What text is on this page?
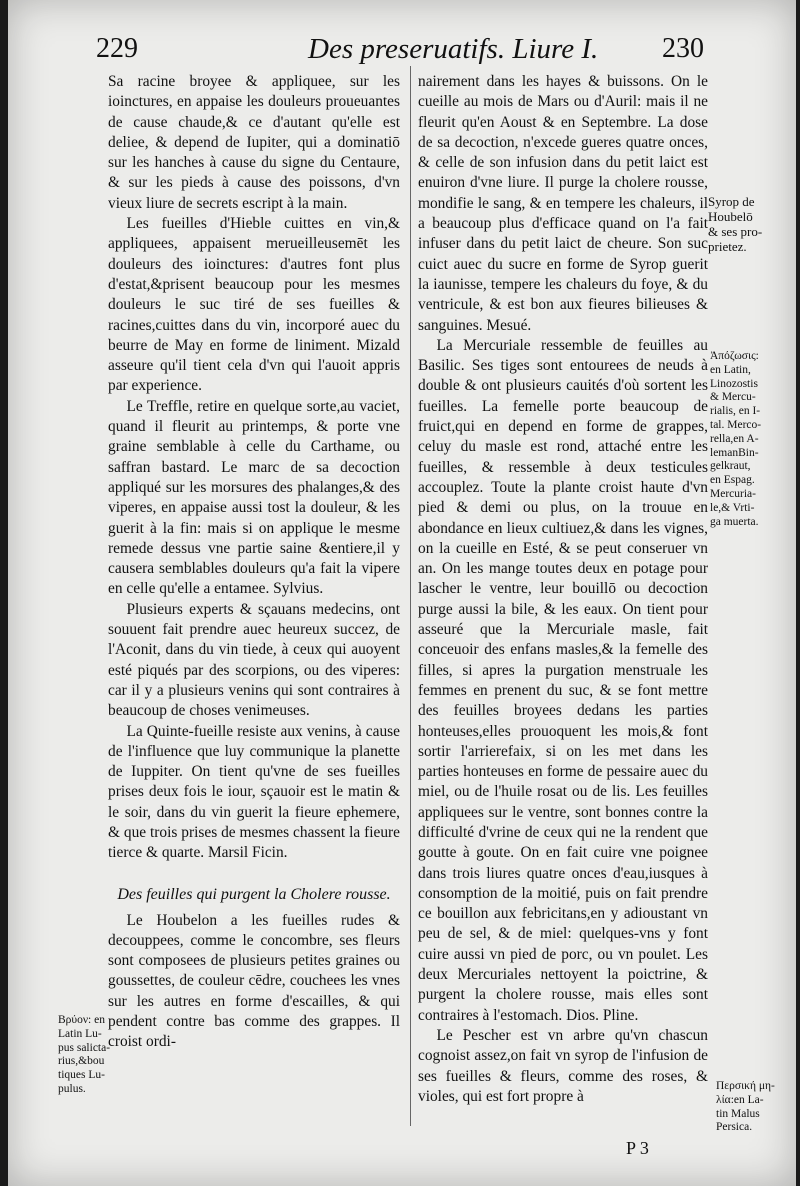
229	Des preseruatifs. Liure I. 230

Sa racine broyee & appliquee, sur les ioinctures, en appaise les douleurs proueuantes de cause chaude,& ce d'autant qu'elle est deliee, & depend de Iupiter, qui a dominatiō sur les hanches à cause du signe du Centaure, & sur les pieds à cause des poissons, d'vn vieux liure de secrets escript à la main.

Les fueilles d'Hieble cuittes en vin,& appliquees, appaisent merueilleusemēt les douleurs des ioinctures: d'autres font plus d'estat,&prisent beaucoup pour les mesmes douleurs le suc tiré de ses fueilles & racines,cuittes dans du vin, incorporé auec du beurre de May en forme de liniment. Mizald asseure qu'il tient cela d'vn qui l'auoit appris par experience.

Le Treffle, retire en quelque sorte,au vaciet, quand il fleurit au printemps, & porte vne graine semblable à celle du Carthame, ou saffran bastard. Le marc de sa decoction appliqué sur les morsures des phalanges,& des viperes, en appaise aussi tost la douleur, & les guerit à la fin: mais si on applique le mesme remede dessus vne partie saine &entiere,il y causera semblables douleurs qu'a fait la vipere en celle qu'elle a entamee. Sylvius.

Plusieurs experts & sçauans medecins, ont souuent fait prendre auec heureux succez, de l'Aconit, dans du vin tiede, à ceux qui auoyent esté piqués par des scorpions, ou des viperes: car il y a plusieurs venins qui sont contraires à beaucoup de choses venimeuses.

La Quinte-fueille resiste aux venins, à cause de l'influence que luy communique la planette de Iuppiter. On tient qu'vne de ses fueilles prises deux fois le iour, sçauoir est le matin & le soir, dans du vin guerit la fieure ephemere, & que trois prises de mesmes chassent la fieure tierce & quarte. Marsil Ficin.

Des feuilles qui purgent la Cholere rousse.

Le Houbelon a les fueilles rudes & decouppees, comme le concombre, ses fleurs sont composees de plusieurs petites graines ou goussettes, de couleur cēdre, couchees les vnes sur les autres en forme d'escailles, & qui pendent contre bas comme des grappes. Il croist ordi-

nairement dans les hayes & buissons. On le cueille au mois de Mars ou d'Auril: mais il ne fleurit qu'en Aoust & en Septembre. La dose de sa decoction, n'excede gueres quatre onces, & celle de son infusion dans du petit laict est enuiron d'vne liure. Il purge la cholere rousse, mondifie le sang, & en tempere les chaleurs, il a beaucoup plus d'efficace quand on l'a fait infuser dans du petit laict de cheure. Son suc cuict auec du sucre en forme de Syrop guerit la iaunisse, tempere les chaleurs du foye, & du ventricule, & est bon aux fieures bilieuses & sanguines. Mesué.

La Mercuriale ressemble de feuilles au Basilic. Ses tiges sont entourees de neuds à double & ont plusieurs cauités d'où sortent les fueilles. La femelle porte beaucoup de fruict,qui en depend en forme de grappes, celuy du masle est rond, attaché entre les fueilles, & ressemble à deux testicules accouplez. Toute la plante croist haute d'vn pied & demi ou plus, on la trouue en abondance en lieux cultiuez,& dans les vignes, on la cueille en Esté, & se peut conseruer vn an. On les mange toutes deux en potage pour lascher le ventre, leur bouillō ou decoction purge aussi la bile, & les eaux. On tient pour asseuré que la Mercuriale masle, fait conceuoir des enfans masles,& la femelle des filles, si apres la purgation menstruale les femmes en prenent du suc, & se font mettre des feuilles broyees dedans les parties honteuses,elles prouoquent les mois,& font sortir l'arrierefaix, si on les met dans les parties honteuses en forme de pessaire auec du miel, ou de l'huile rosat ou de lis. Les feuilles appliquees sur le ventre, sont bonnes contre la difficulté d'vrine de ceux qui ne la rendent que goutte à goute. On en fait cuire vne poignee dans trois liures quatre onces d'eau,iusques à consomption de la moitié, puis on fait prendre ce bouillon aux febricitans,en y adioustant vn peu de sel, & de miel: quelques-vns y font cuire aussi vn pied de porc, ou vn poulet. Les deux Mercuriales nettoyent la poictrine, & purgent la cholere rousse, mais elles sont contraires à l'estomach. Dios. Pline.

Le Pescher est vn arbre qu'vn chascun cognoist assez,on fait vn syrop de l'infusion de ses fueilles & fleurs, comme des roses, & violes, qui est fort propre à

Syrop de
Houbelō
& ses pro-
prietez.
Ἀπόζωσις:
en Latin,
Linozostis
& Mercu-
rialis, en I-
tal. Merco-
rella,en A-
lemanBin-
gelkraut,
en Espag.
Mercuria-
le,& Vrti-
ga muerta.
Βρύον: en
Latin Lu-
pus salicta-
rius,&bou
tiques Lu-
pulus.	Περσική μη-
λία:en La-
tin Malus
Persica.
P 3
